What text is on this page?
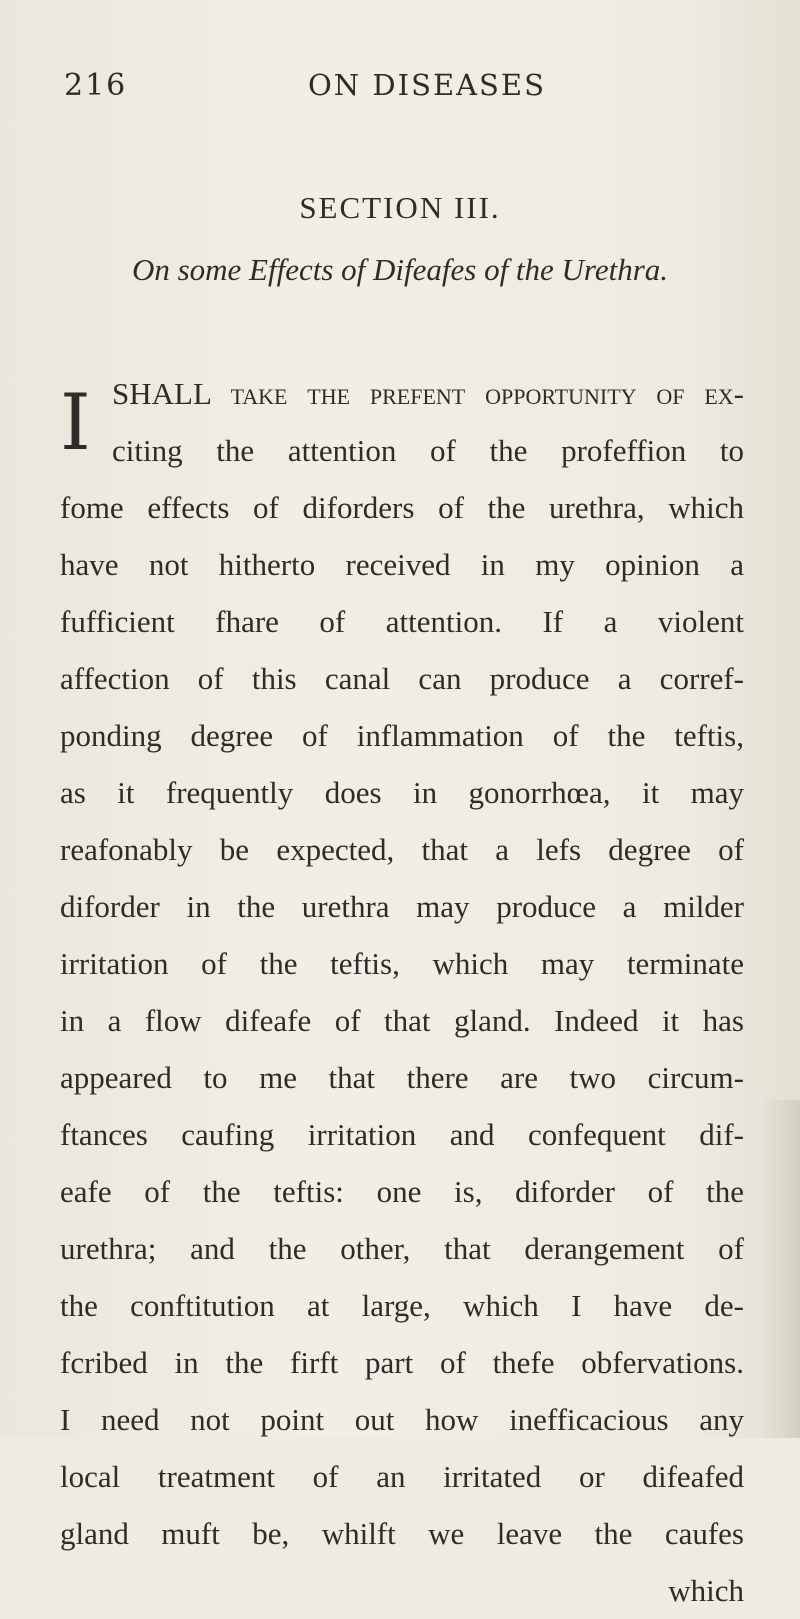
216	ON DISEASES
SECTION III.
On some Effects of Difeafes of the Urethra.
I SHALL take the prefent opportunity of ex-
citing the attention of the profeffion to
fome effects of diforders of the urethra, which
have not hitherto received in my opinion a
fufficient fhare of attention. If a violent
affection of this canal can produce a corref-
ponding degree of inflammation of the teftis,
as it frequently does in gonorrhœa, it may
reafonably be expected, that a lefs degree of
diforder in the urethra may produce a milder
irritation of the teftis, which may terminate
in a flow difeafe of that gland. Indeed it has
appeared to me that there are two circum-
ftances caufing irritation and confequent dif-
eafe of the teftis: one is, diforder of the
urethra; and the other, that derangement of
the conftitution at large, which I have de-
fcribed in the firft part of thefe obfervations.
I need not point out how inefficacious any
local treatment of an irritated or difeafed
gland muft be, whilft we leave the caufes
which
